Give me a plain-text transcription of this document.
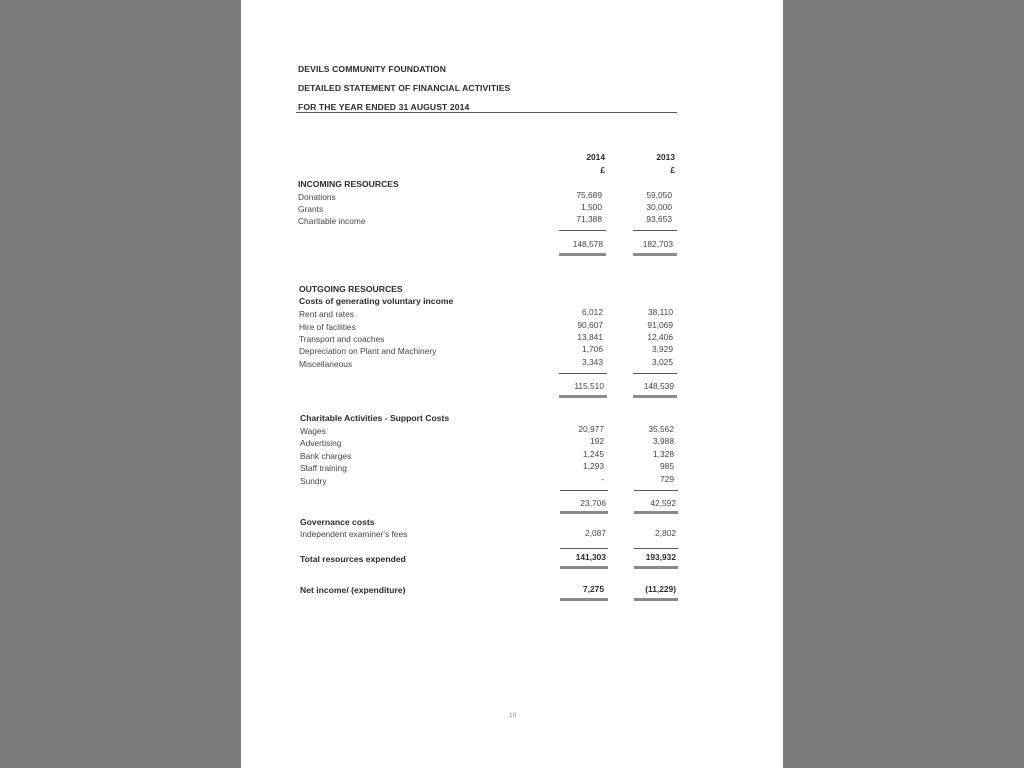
DEVILS COMMUNITY FOUNDATION
DETAILED STATEMENT OF FINANCIAL ACTIVITIES
FOR THE YEAR ENDED 31 AUGUST 2014
2014
£
2013
£
INCOMING RESOURCES
Donations	75,689	59,050
Grants	1,500	30,000
Charitable income	71,388	93,653
148,578	182,703
OUTGOING RESOURCES
Costs of generating voluntary income
Rent and rates	6,012	38,110
Hire of facilities	90,607	91,069
Transport and coaches	13,841	12,406
Depreciation on Plant and Machinery	1,706	3,929
Miscellaneous	3,343	3,025
115,510	148,539
Charitable Activities - Support Costs
Wages	20,977	35,562
Advertising	192	3,988
Bank charges	1,245	1,328
Staff training	1,293	985
Sundry	-	729
23,706	42,592
Governance costs
Independent examiner's fees	2,087	2,802
Total resources expended	141,303	193,932
Net income/ (expenditure)	7,275	(11,229)
10
